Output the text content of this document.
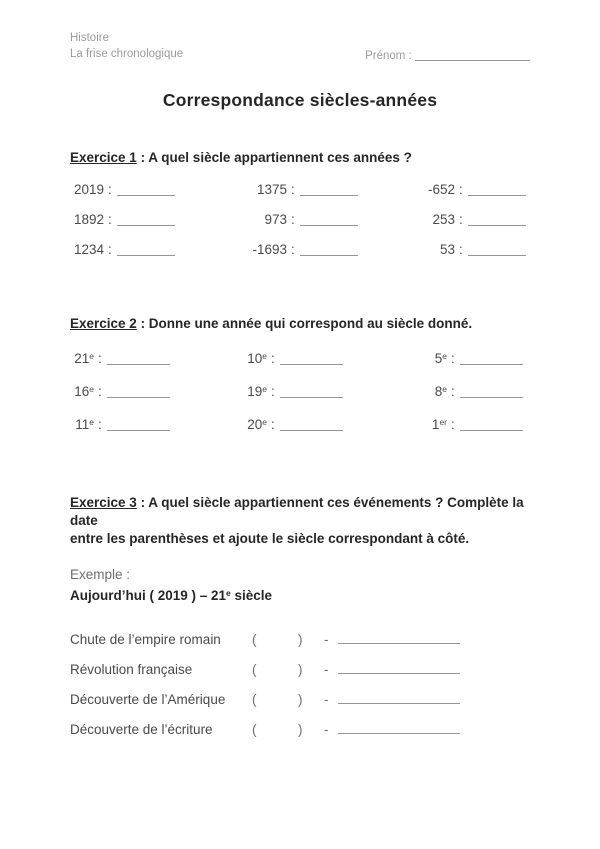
Histoire
La frise chronologique	Prénom :
Correspondance siècles-années
Exercice 1 : A quel siècle appartiennent ces années ?
2019 :	1375 :	-652 :
1892 :	973 :	253 :
1234 :	-1693 :	53 :
Exercice 2 : Donne une année qui correspond au siècle donné.
21e :	10e :	5e :
16e :	19e :	8e :
11e :	20e :	1er :
Exercice 3 : A quel siècle appartiennent ces événements ? Complète la date
entre les parenthèses et ajoute le siècle correspondant à côté.
Exemple :
Aujourd’hui ( 2019 ) – 21e siècle
Chute de l’empire romain	(	)	-
Révolution française	(	)	-
Découverte de l’Amérique	(	)	-
Découverte de l’écriture	(	)	-
